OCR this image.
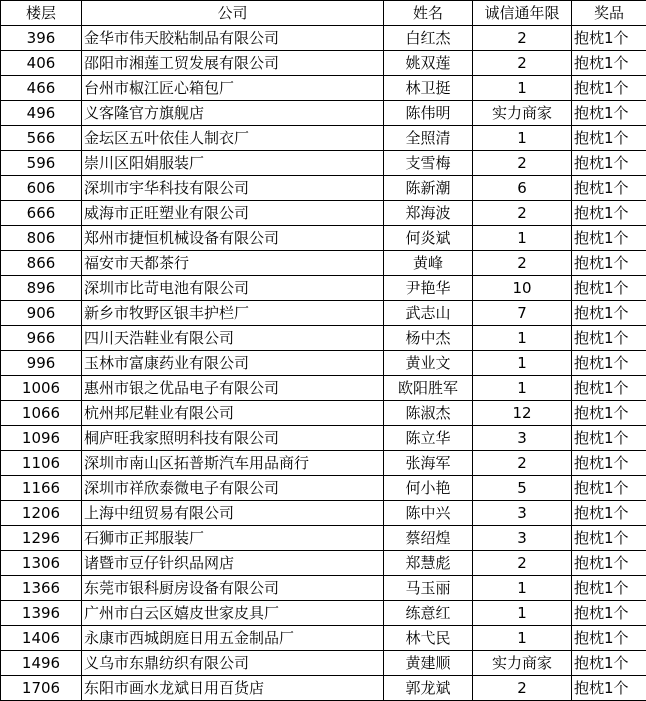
楼层	公司	姓名	诚信通年限	奖品
396	金华市伟天胶粘制品有限公司	白红杰	2	抱枕1个
406	邵阳市湘莲工贸发展有限公司	姚双莲	2	抱枕1个
466	台州市椒江匠心箱包厂	林卫挺	1	抱枕1个
496	义客隆官方旗舰店	陈伟明	实力商家	抱枕1个
566	金坛区五叶依佳人制衣厂	全照清	1	抱枕1个
596	崇川区阳娟服装厂	支雪梅	2	抱枕1个
606	深圳市宇华科技有限公司	陈新潮	6	抱枕1个
666	威海市正旺塑业有限公司	郑海波	2	抱枕1个
806	郑州市捷恒机械设备有限公司	何炎斌	1	抱枕1个
866	福安市天都茶行	黄峰	2	抱枕1个
896	深圳市比苛电池有限公司	尹艳华	10	抱枕1个
906	新乡市牧野区银丰护栏厂	武志山	7	抱枕1个
966	四川天浩鞋业有限公司	杨中杰	1	抱枕1个
996	玉林市富康药业有限公司	黄业文	1	抱枕1个
1006	惠州市银之优品电子有限公司	欧阳胜军	1	抱枕1个
1066	杭州邦尼鞋业有限公司	陈淑杰	12	抱枕1个
1096	桐庐旺我家照明科技有限公司	陈立华	3	抱枕1个
1106	深圳市南山区拓普斯汽车用品商行	张海军	2	抱枕1个
1166	深圳市祥欣泰微电子有限公司	何小艳	5	抱枕1个
1206	上海中纽贸易有限公司	陈中兴	3	抱枕1个
1296	石狮市正邦服装厂	蔡绍煌	3	抱枕1个
1306	诸暨市豆仔针织品网店	郑慧彪	2	抱枕1个
1366	东莞市银科厨房设备有限公司	马玉丽	1	抱枕1个
1396	广州市白云区嬉皮世家皮具厂	练意红	1	抱枕1个
1406	永康市西城朗庭日用五金制品厂	林弋民	1	抱枕1个
1496	义乌市东鼎纺织有限公司	黄建顺	实力商家	抱枕1个
1706	东阳市画水龙斌日用百货店	郭龙斌	2	抱枕1个
